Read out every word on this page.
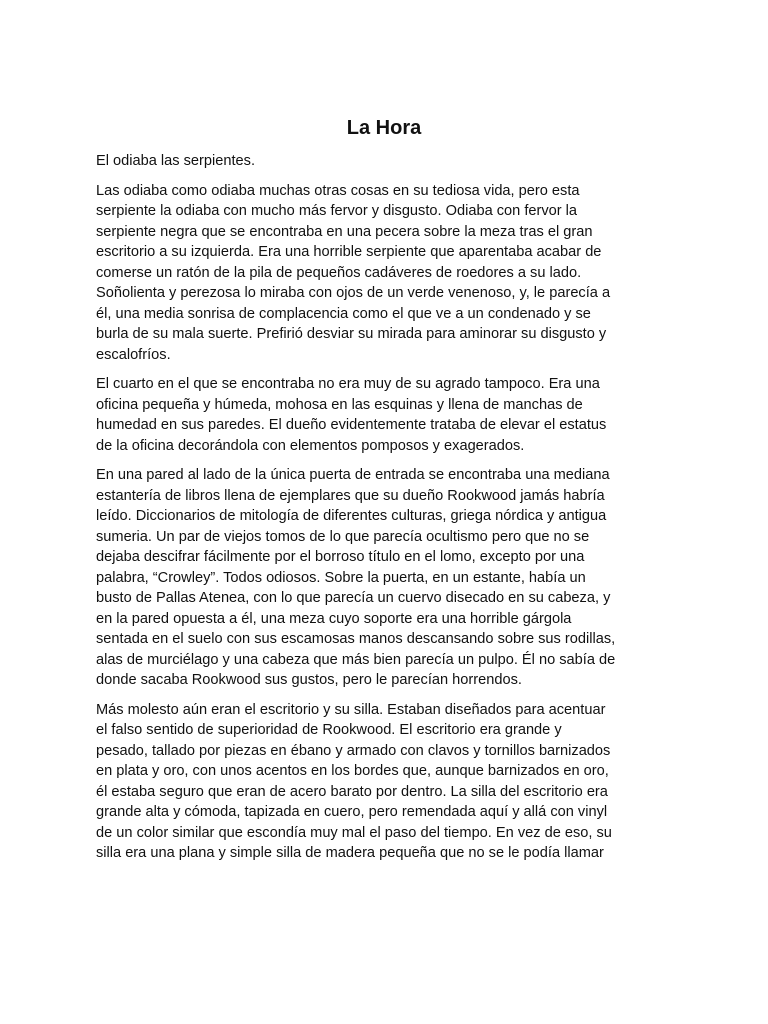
La Hora

El odiaba las serpientes.

Las odiaba como odiaba muchas otras cosas en su tediosa vida, pero esta
serpiente la odiaba con mucho más fervor y disgusto. Odiaba con fervor la
serpiente negra que se encontraba en una pecera sobre la meza tras el gran
escritorio a su izquierda. Era una horrible serpiente que aparentaba acabar de
comerse un ratón de la pila de pequeños cadáveres de roedores a su lado.
Soñolienta y perezosa lo miraba con ojos de un verde venenoso, y, le parecía a
él, una media sonrisa de complacencia como el que ve a un condenado y se
burla de su mala suerte. Prefirió desviar su mirada para aminorar su disgusto y
escalofríos.

El cuarto en el que se encontraba no era muy de su agrado tampoco. Era una
oficina pequeña y húmeda, mohosa en las esquinas y llena de manchas de
humedad en sus paredes. El dueño evidentemente trataba de elevar el estatus
de la oficina decorándola con elementos pomposos y exagerados.

En una pared al lado de la única puerta de entrada se encontraba una mediana
estantería de libros llena de ejemplares que su dueño Rookwood jamás habría
leído. Diccionarios de mitología de diferentes culturas, griega nórdica y antigua
sumeria. Un par de viejos tomos de lo que parecía ocultismo pero que no se
dejaba descifrar fácilmente por el borroso título en el lomo, excepto por una
palabra, “Crowley”. Todos odiosos. Sobre la puerta, en un estante, había un
busto de Pallas Atenea, con lo que parecía un cuervo disecado en su cabeza, y
en la pared opuesta a él, una meza cuyo soporte era una horrible gárgola
sentada en el suelo con sus escamosas manos descansando sobre sus rodillas,
alas de murciélago y una cabeza que más bien parecía un pulpo. Él no sabía de
donde sacaba Rookwood sus gustos, pero le parecían horrendos.

Más molesto aún eran el escritorio y su silla. Estaban diseñados para acentuar
el falso sentido de superioridad de Rookwood. El escritorio era grande y
pesado, tallado por piezas en ébano y armado con clavos y tornillos barnizados
en plata y oro, con unos acentos en los bordes que, aunque barnizados en oro,
él estaba seguro que eran de acero barato por dentro. La silla del escritorio era
grande alta y cómoda, tapizada en cuero, pero remendada aquí y allá con vinyl
de un color similar que escondía muy mal el paso del tiempo. En vez de eso, su
silla era una plana y simple silla de madera pequeña que no se le podía llamar
